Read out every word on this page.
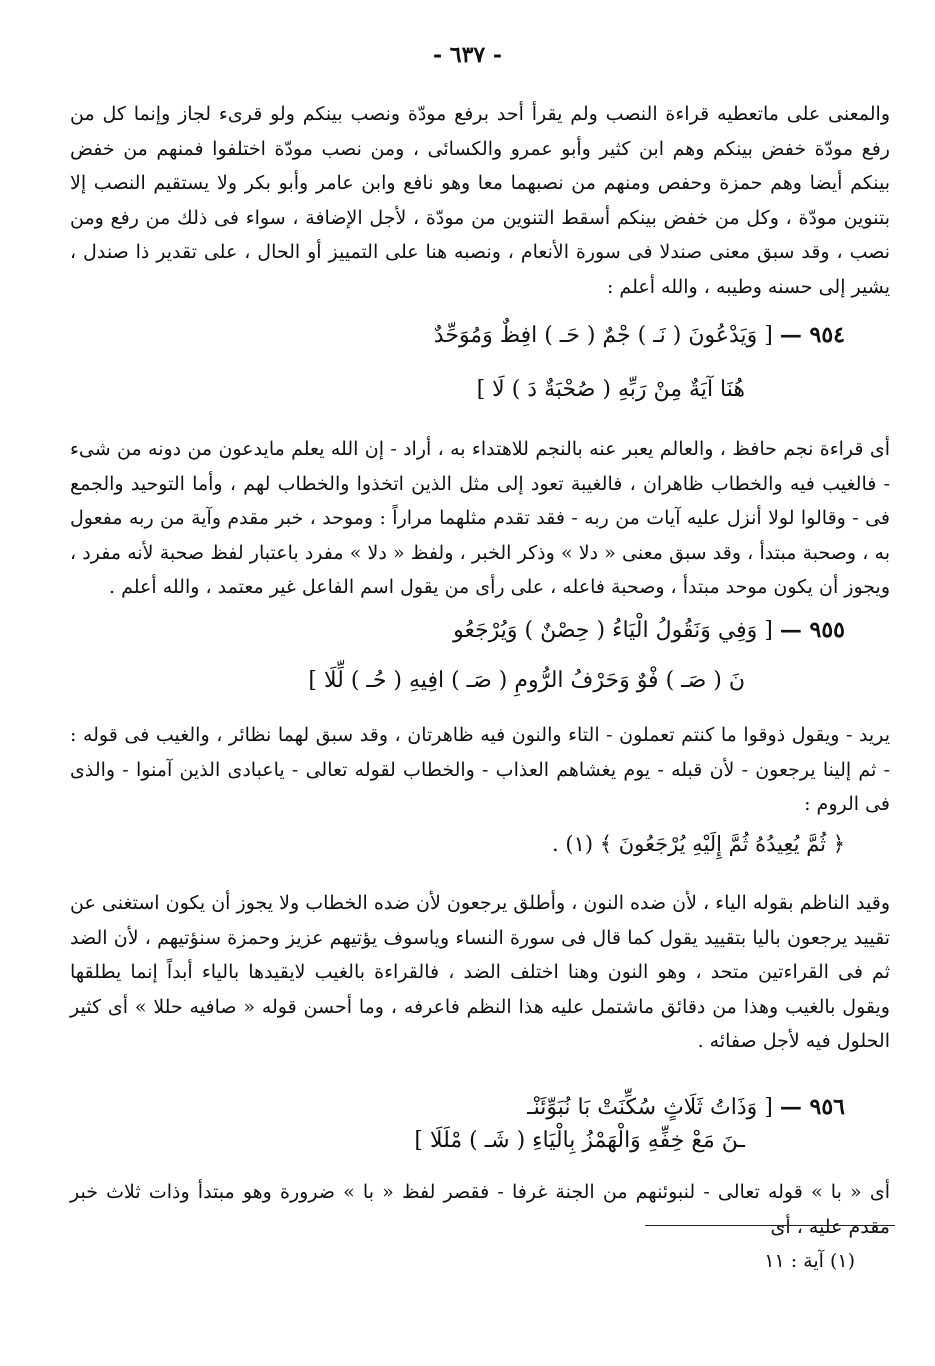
- ٦٣٧ -
والمعنى على ماتعطيه قراءة النصب ولم يقرأ أحد برفع مودّة ونصب بينكم ولو قرىء لجاز وإنما كل من رفع مودّة خفض بينكم وهم ابن كثير وأبو عمرو والكسائى ، ومن نصب مودّة اختلفوا فمنهم من خفض بينكم أيضا وهم حمزة وحفص ومنهم من نصبهما معا وهو نافع وابن عامر وأبو بكر ولا يستقيم النصب إلا بتنوين مودّة ، وكل من خفض بينكم أسقط التنوين من مودّة ، لأجل الإضافة ، سواء فى ذلك من رفع ومن نصب ، وقد سبق معنى صندلا فى سورة الأنعام ، ونصبه هنا على التمييز أو الحال ، على تقدير ذا صندل ، يشير إلى حسنه وطيبه ، والله أعلم :
٩٥٤ — [ وَيَدْعُونَ ( نَـ ) جْمٌ ( حَـ ) افِظٌ وَمُوَحِّدٌ
هُنَا آيَةٌ مِنْ رَبِّهِ ( صُحْبَةٌ دَ ) لَا ]
أى قراءة نجم حافظ ، والعالم يعبر عنه بالنجم للاهتداء به ، أراد - إن الله يعلم مايدعون من دونه من شىء - فالغيب فيه والخطاب ظاهران ، فالغيبة تعود إلى مثل الذين اتخذوا والخطاب لهم ، وأما التوحيد والجمع فى - وقالوا لولا أنزل عليه آيات من ربه - فقد تقدم مثلهما مراراً : وموحد ، خبر مقدم وآية من ربه مفعول به ، وصحبة مبتدأ ، وقد سبق معنى « دلا » وذكر الخبر ، ولفظ « دلا » مفرد باعتبار لفظ صحبة لأنه مفرد ، ويجوز أن يكون موحد مبتدأ ، وصحبة فاعله ، على رأى من يقول اسم الفاعل غير معتمد ، والله أعلم .
٩٥٥ — [ وَفِي وَنَقُولُ الْيَاءُ ( حِصْنٌ ) وَيُرْجَعُو
نَ ( صَـ ) فْوٌ وَحَرْفُ الرُّومِ ( صَـ ) افِيهِ ( حُـ ) لِّلَا ]
يريد - ويقول ذوقوا ما كنتم تعملون - التاء والنون فيه ظاهرتان ، وقد سبق لهما نظائر ، والغيب فى قوله : - ثم إلينا يرجعون - لأن قبله - يوم يغشاهم العذاب - والخطاب لقوله تعالى - ياعبادى الذين آمنوا - والذى فى الروم :
﴿ ثُمَّ يُعِيدُهُ ثُمَّ إِلَيْهِ يُرْجَعُونَ ﴾ (١) .
وقيد الناظم بقوله الياء ، لأن ضده النون ، وأطلق يرجعون لأن ضده الخطاب ولا يجوز أن يكون استغنى عن تقييد يرجعون باليا بتقييد يقول كما قال فى سورة النساء وياسوف يؤتيهم عزيز وحمزة سنؤتيهم ، لأن الضد ثم فى القراءتين متحد ، وهو النون وهنا اختلف الضد ، فالقراءة بالغيب لايقيدها بالياء أبداً إنما يطلقها ويقول بالغيب وهذا من دقائق ماشتمل عليه هذا النظم فاعرفه ، وما أحسن قوله « صافيه حللا » أى كثير الحلول فيه لأجل صفائه .
٩٥٦ — [ وَذَاتُ ثَلَاثٍ سُكِّنَتْ بَا نُبَوِّئَنْـ
ـنَ مَعْ خِفِّهِ وَالْهَمْزُ بِالْيَاءِ ( شَـ ) مْلَلَا ]
أى « با » قوله تعالى - لنبوئنهم من الجنة غرفا - فقصر لفظ « با » ضرورة وهو مبتدأ وذات ثلاث خبر مقدم عليه ، أى
(١) آية : ١١
